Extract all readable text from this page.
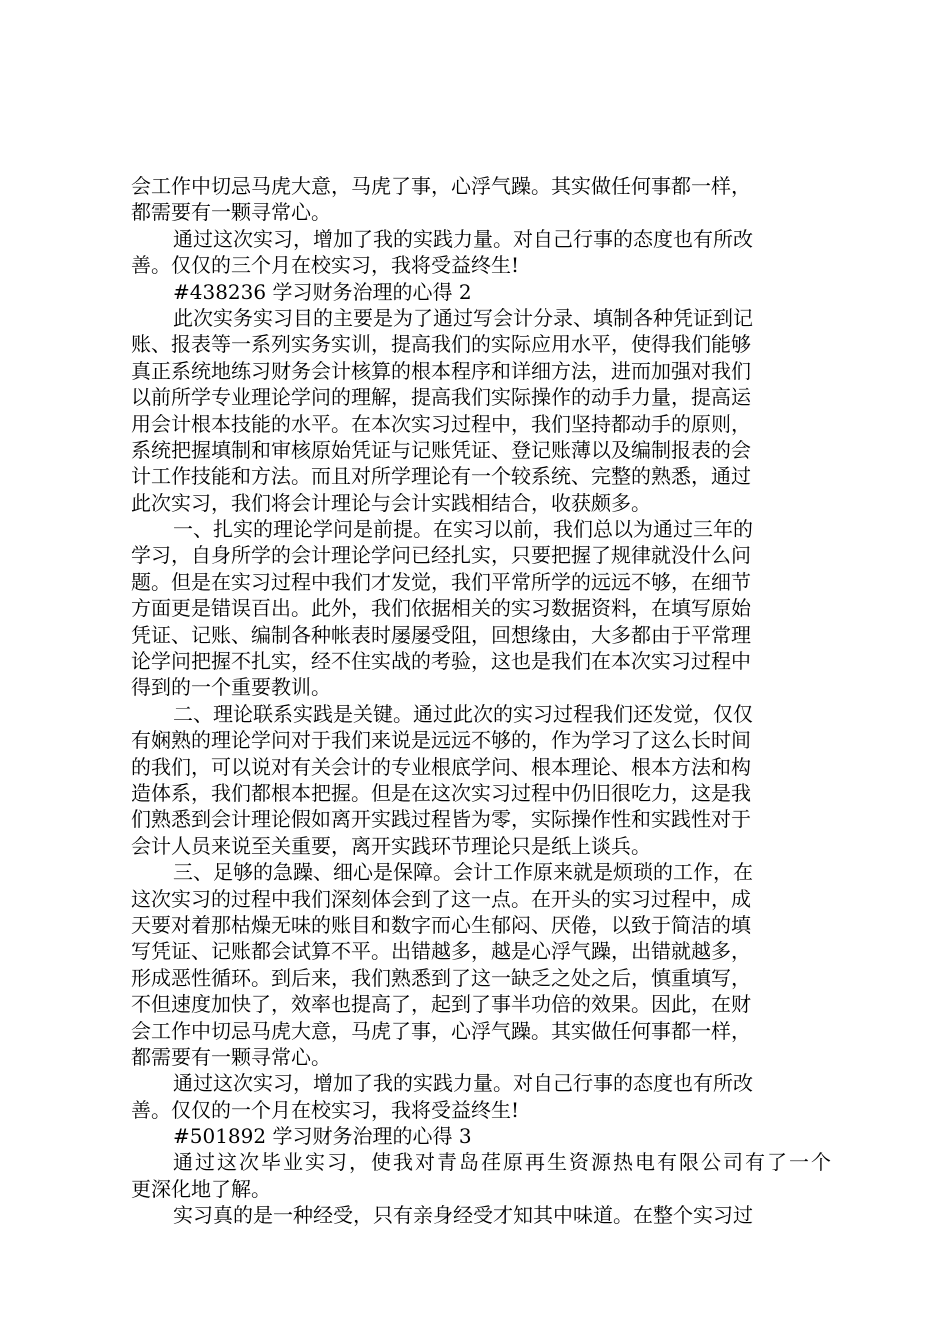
会工作中切忌马虎大意，马虎了事，心浮气躁。其实做任何事都一样，
都需要有一颗寻常心。
通过这次实习，增加了我的实践力量。对自己行事的态度也有所改
善。仅仅的三个月在校实习，我将受益终生!
#438236 学习财务治理的心得 2
此次实务实习目的主要是为了通过写会计分录、填制各种凭证到记
账、报表等一系列实务实训，提高我们的实际应用水平，使得我们能够
真正系统地练习财务会计核算的根本程序和详细方法，进而加强对我们
以前所学专业理论学问的理解，提高我们实际操作的动手力量，提高运
用会计根本技能的水平。在本次实习过程中，我们坚持都动手的原则，
系统把握填制和审核原始凭证与记账凭证、登记账薄以及编制报表的会
计工作技能和方法。而且对所学理论有一个较系统、完整的熟悉，通过
此次实习，我们将会计理论与会计实践相结合，收获颇多。
一、扎实的理论学问是前提。在实习以前，我们总以为通过三年的
学习，自身所学的会计理论学问已经扎实，只要把握了规律就没什么问
题。但是在实习过程中我们才发觉，我们平常所学的远远不够，在细节
方面更是错误百出。此外，我们依据相关的实习数据资料，在填写原始
凭证、记账、编制各种帐表时屡屡受阻，回想缘由，大多都由于平常理
论学问把握不扎实，经不住实战的考验，这也是我们在本次实习过程中
得到的一个重要教训。
二、理论联系实践是关键。通过此次的实习过程我们还发觉，仅仅
有娴熟的理论学问对于我们来说是远远不够的，作为学习了这么长时间
的我们，可以说对有关会计的专业根底学问、根本理论、根本方法和构
造体系，我们都根本把握。但是在这次实习过程中仍旧很吃力，这是我
们熟悉到会计理论假如离开实践过程皆为零，实际操作性和实践性对于
会计人员来说至关重要，离开实践环节理论只是纸上谈兵。
三、足够的急躁、细心是保障。会计工作原来就是烦琐的工作，在
这次实习的过程中我们深刻体会到了这一点。在开头的实习过程中，成
天要对着那枯燥无味的账目和数字而心生郁闷、厌倦，以致于简洁的填
写凭证、记账都会试算不平。出错越多，越是心浮气躁，出错就越多，
形成恶性循环。到后来，我们熟悉到了这一缺乏之处之后，慎重填写，
不但速度加快了，效率也提高了，起到了事半功倍的效果。因此，在财
会工作中切忌马虎大意，马虎了事，心浮气躁。其实做任何事都一样，
都需要有一颗寻常心。
通过这次实习，增加了我的实践力量。对自己行事的态度也有所改
善。仅仅的一个月在校实习，我将受益终生!
#501892 学习财务治理的心得 3
通过这次毕业实习，使我对青岛荏原再生资源热电有限公司有了一个
更深化地了解。
实习真的是一种经受，只有亲身经受才知其中味道。在整个实习过
